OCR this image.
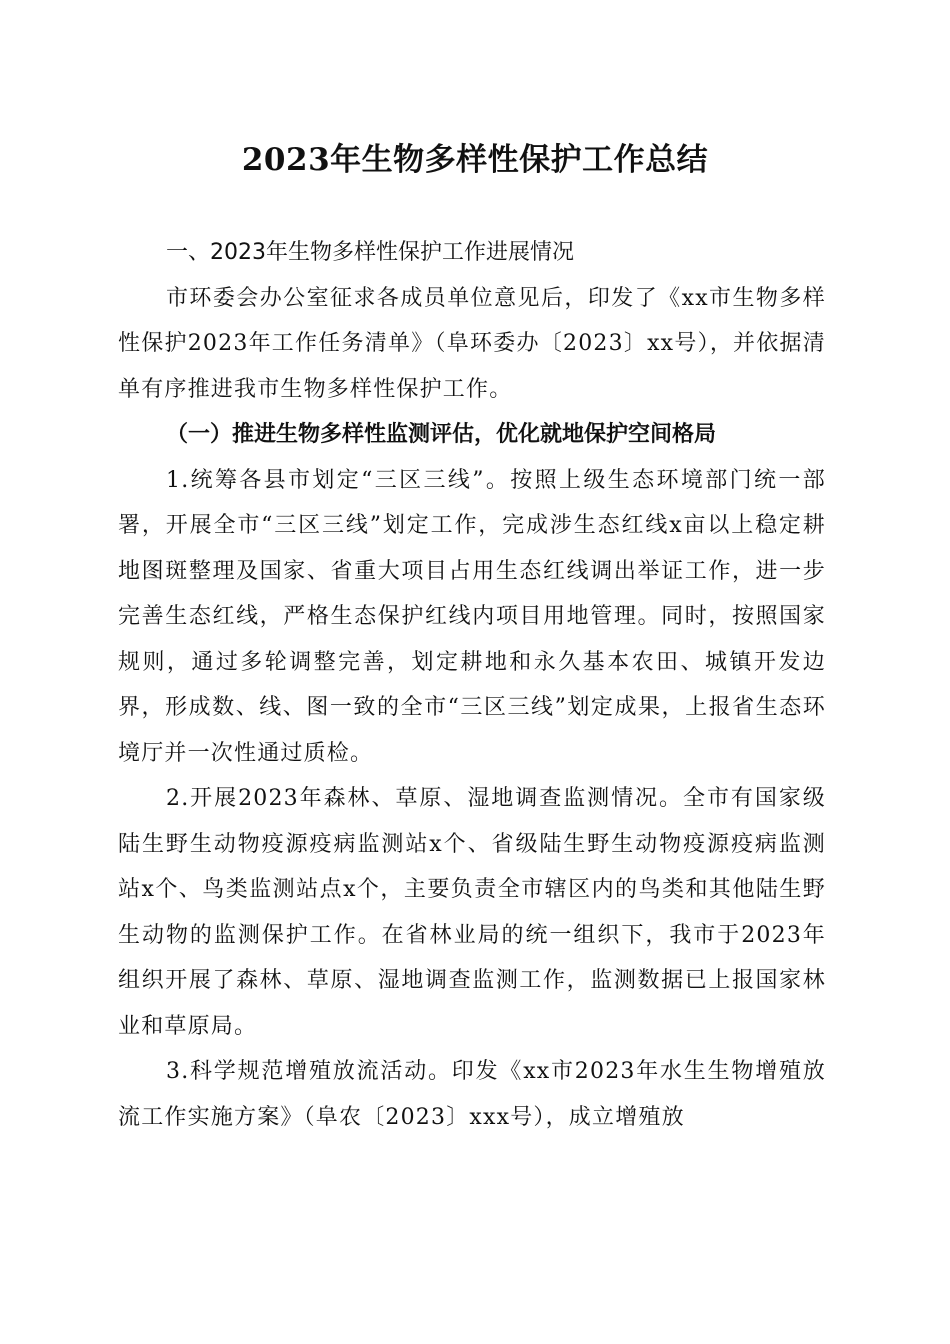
2023年生物多样性保护工作总结
一、2023年生物多样性保护工作进展情况

市环委会办公室征求各成员单位意见后，印发了《xx市生物多样性保护2023年工作任务清单》（阜环委办〔2023〕xx号），并依据清单有序推进我市生物多样性保护工作。

（一）推进生物多样性监测评估，优化就地保护空间格局

1.统筹各县市划定“三区三线”。按照上级生态环境部门统一部署，开展全市“三区三线”划定工作，完成涉生态红线x亩以上稳定耕地图斑整理及国家、省重大项目占用生态红线调出举证工作，进一步完善生态红线，严格生态保护红线内项目用地管理。同时，按照国家规则，通过多轮调整完善，划定耕地和永久基本农田、城镇开发边界，形成数、线、图一致的全市“三区三线”划定成果，上报省生态环境厅并一次性通过质检。

2.开展2023年森林、草原、湿地调查监测情况。全市有国家级陆生野生动物疫源疫病监测站x个、省级陆生野生动物疫源疫病监测站x个、鸟类监测站点x个，主要负责全市辖区内的鸟类和其他陆生野生动物的监测保护工作。在省林业局的统一组织下，我市于2023年组织开展了森林、草原、湿地调查监测工作，监测数据已上报国家林业和草原局。

3.科学规范增殖放流活动。印发《xx市2023年水生生物增殖放流工作实施方案》（阜农〔2023〕xxx号），成立增殖放
